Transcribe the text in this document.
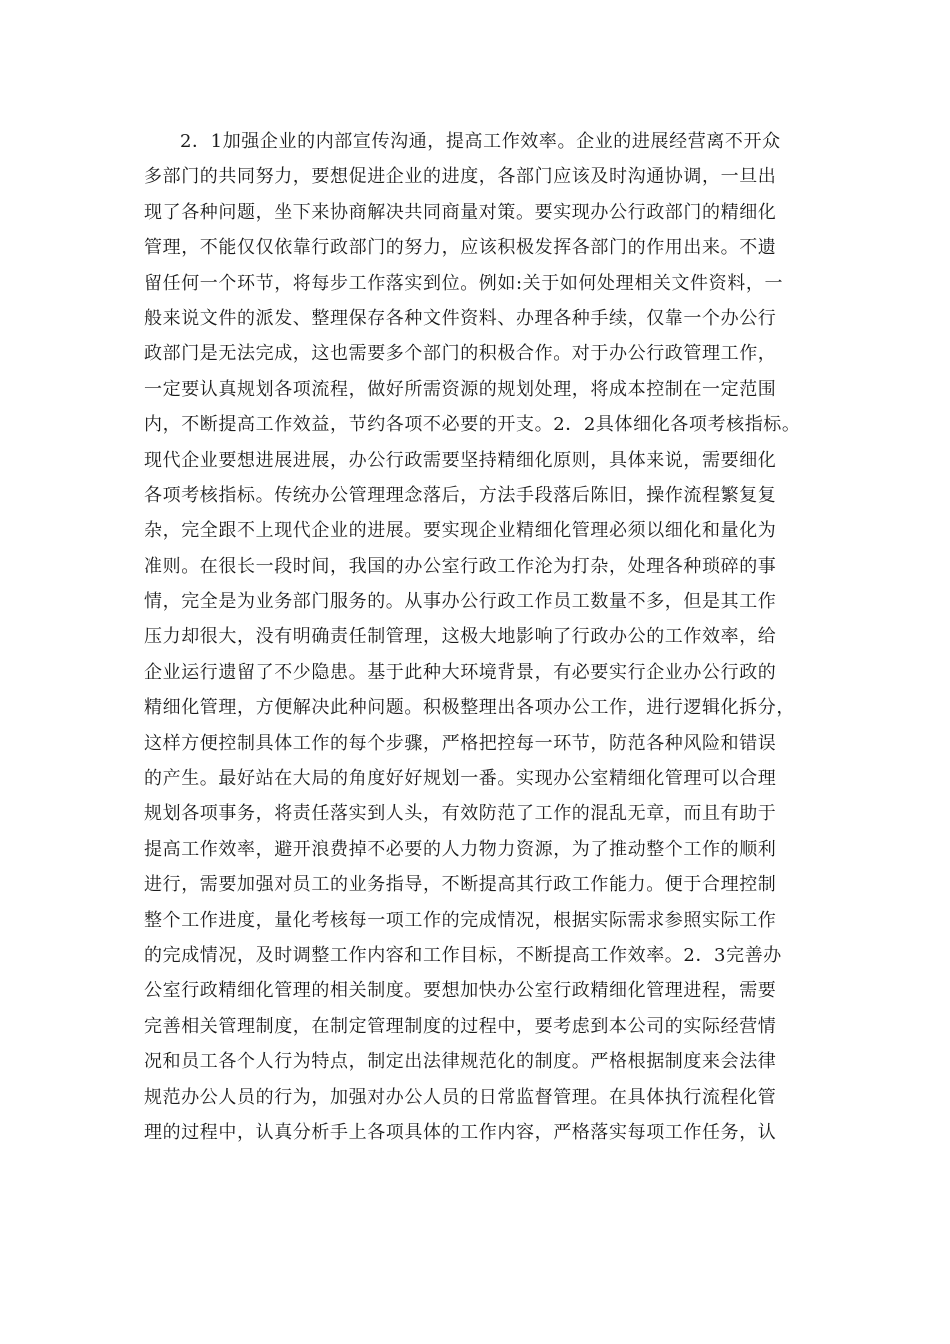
2．1加强企业的内部宣传沟通，提高工作效率。企业的进展经营离不开众
多部门的共同努力，要想促进企业的进度，各部门应该及时沟通协调，一旦出
现了各种问题，坐下来协商解决共同商量对策。要实现办公行政部门的精细化
管理，不能仅仅依靠行政部门的努力，应该积极发挥各部门的作用出来。不遗
留任何一个环节，将每步工作落实到位。例如:关于如何处理相关文件资料，一
般来说文件的派发、整理保存各种文件资料、办理各种手续，仅靠一个办公行
政部门是无法完成，这也需要多个部门的积极合作。对于办公行政管理工作，
一定要认真规划各项流程，做好所需资源的规划处理，将成本控制在一定范围
内，不断提高工作效益，节约各项不必要的开支。2．2具体细化各项考核指标。
现代企业要想进展进展，办公行政需要坚持精细化原则，具体来说，需要细化
各项考核指标。传统办公管理理念落后，方法手段落后陈旧，操作流程繁复复
杂，完全跟不上现代企业的进展。要实现企业精细化管理必须以细化和量化为
准则。在很长一段时间，我国的办公室行政工作沦为打杂，处理各种琐碎的事
情，完全是为业务部门服务的。从事办公行政工作员工数量不多，但是其工作
压力却很大，没有明确责任制管理，这极大地影响了行政办公的工作效率，给
企业运行遗留了不少隐患。基于此种大环境背景，有必要实行企业办公行政的
精细化管理，方便解决此种问题。积极整理出各项办公工作，进行逻辑化拆分，
这样方便控制具体工作的每个步骤，严格把控每一环节，防范各种风险和错误
的产生。最好站在大局的角度好好规划一番。实现办公室精细化管理可以合理
规划各项事务，将责任落实到人头，有效防范了工作的混乱无章，而且有助于
提高工作效率，避开浪费掉不必要的人力物力资源，为了推动整个工作的顺利
进行，需要加强对员工的业务指导，不断提高其行政工作能力。便于合理控制
整个工作进度，量化考核每一项工作的完成情况，根据实际需求参照实际工作
的完成情况，及时调整工作内容和工作目标，不断提高工作效率。2．3完善办
公室行政精细化管理的相关制度。要想加快办公室行政精细化管理进程，需要
完善相关管理制度，在制定管理制度的过程中，要考虑到本公司的实际经营情
况和员工各个人行为特点，制定出法律规范化的制度。严格根据制度来会法律
规范办公人员的行为，加强对办公人员的日常监督管理。在具体执行流程化管
理的过程中，认真分析手上各项具体的工作内容，严格落实每项工作任务，认
